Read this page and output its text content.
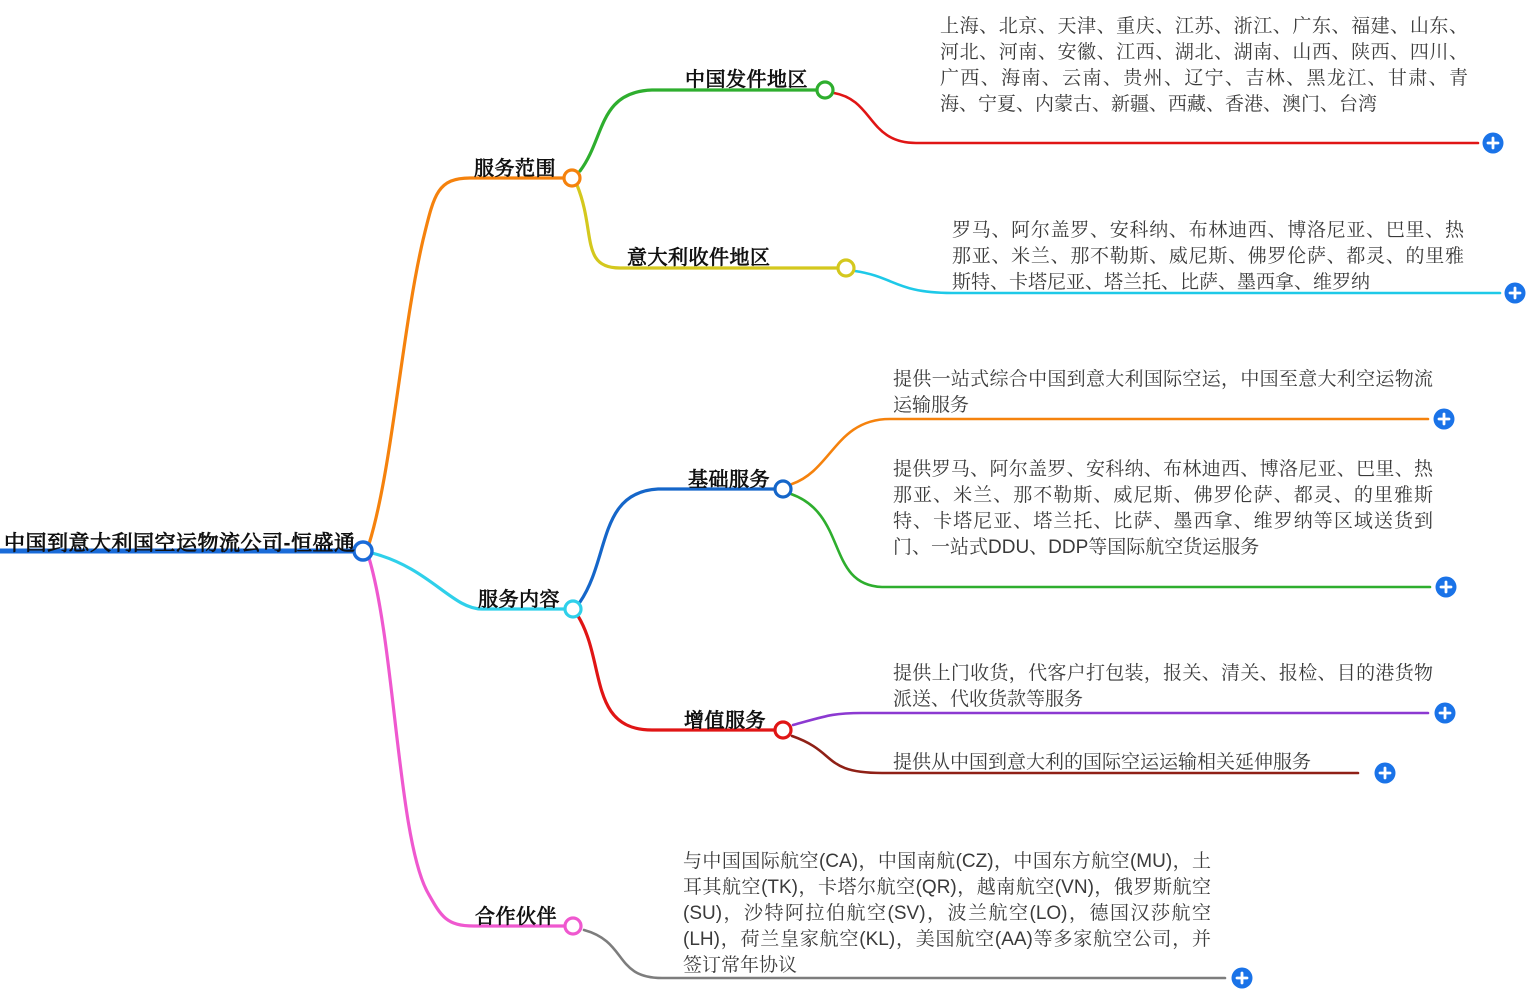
中国到意大利国空运物流公司-恒盛通
服务范围
中国发件地区
意大利收件地区
服务内容
基础服务
增值服务
合作伙伴
上海、北京、天津、重庆、江苏、浙江、广东、福建、山东、河北、河南、安徽、江西、湖北、湖南、山西、陕西、四川、广西、海南、云南、贵州、辽宁、吉林、黑龙江、甘肃、青海、宁夏、内蒙古、新疆、西藏、香港、澳门、台湾
罗马、阿尔盖罗、安科纳、布林迪西、博洛尼亚、巴里、热那亚、米兰、那不勒斯、威尼斯、佛罗伦萨、都灵、的里雅斯特、卡塔尼亚、塔兰托、比萨、墨西拿、维罗纳
提供一站式综合中国到意大利国际空运，中国至意大利空运物流运输服务
提供罗马、阿尔盖罗、安科纳、布林迪西、博洛尼亚、巴里、热那亚、米兰、那不勒斯、威尼斯、佛罗伦萨、都灵、的里雅斯特、卡塔尼亚、塔兰托、比萨、墨西拿、维罗纳等区域送货到门、一站式DDU、DDP等国际航空货运服务
提供上门收货，代客户打包装，报关、清关、报检、目的港货物派送、代收货款等服务
提供从中国到意大利的国际空运运输相关延伸服务
与中国国际航空(CA)，中国南航(CZ)，中国东方航空(MU)，土耳其航空(TK)，卡塔尔航空(QR)，越南航空(VN)，俄罗斯航空(SU)，沙特阿拉伯航空(SV)，波兰航空(LO)，德国汉莎航空(LH)，荷兰皇家航空(KL)，美国航空(AA)等多家航空公司，并签订常年协议
